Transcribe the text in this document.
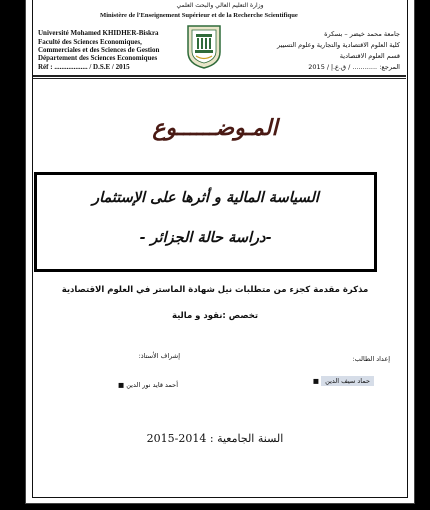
وزارة التعليم العالي والبحث العلمي

Ministère de l'Enseignement Supérieur et de la Recherche Scientifique

Université Mohamed KHIDHER-Biskra

Faculté des Sciences Economiques,

Commerciales et des Sciences de Gestion

Département des Sciences Economiques

Réf : ................... / D.S.E / 2015

جامعة محمد خيضر – بسكرة

كلية العلوم الاقتصادية والتجارية وعلوم التسيير

قسم العلوم الاقتصادية

المرجع: ............ / ق.ع.إ / 2015

المـوضــــــوع

السياسة المالية و أثرها على الإستثمار

-دراسة حالة الجزائر -

مذكرة مقدمة كجزء من متطلبات نيل شهادة الماستر في العلوم الاقتصادية

تخصص :نقود و مالية

إعداد الطالب:

إشراف الأستاذ:

حماد سيف الدين ■

أحمد قايد نور الدين ■

السنة الجامعية : 2014-2015
